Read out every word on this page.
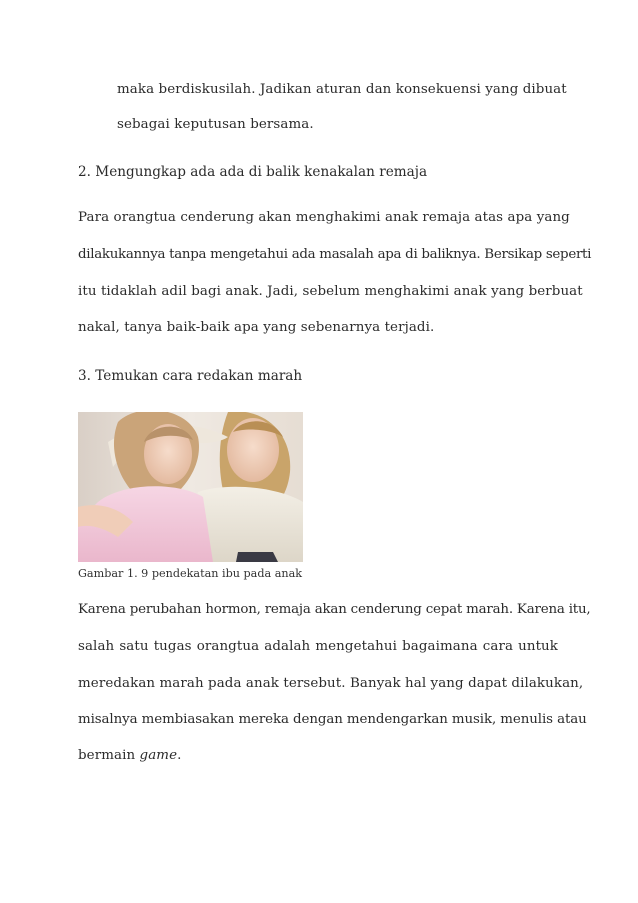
maka berdiskusilah. Jadikan aturan dan konsekuensi yang dibuat
sebagai keputusan bersama.
2. Mengungkap ada ada di balik kenakalan remaja
Para orangtua cenderung akan menghakimi anak remaja atas apa yang
dilakukannya tanpa mengetahui ada masalah apa di baliknya. Bersikap seperti
itu tidaklah adil bagi anak. Jadi, sebelum menghakimi anak yang berbuat
nakal, tanya baik-baik apa yang sebenarnya terjadi.
3. Temukan cara redakan marah
Gambar 1. 9 pendekatan ibu pada anak
Karena perubahan hormon, remaja akan cenderung cepat marah. Karena itu,
salah satu tugas orangtua adalah mengetahui bagaimana cara untuk
meredakan marah pada anak tersebut. Banyak hal yang dapat dilakukan,
misalnya membiasakan mereka dengan mendengarkan musik, menulis atau
bermain game.
